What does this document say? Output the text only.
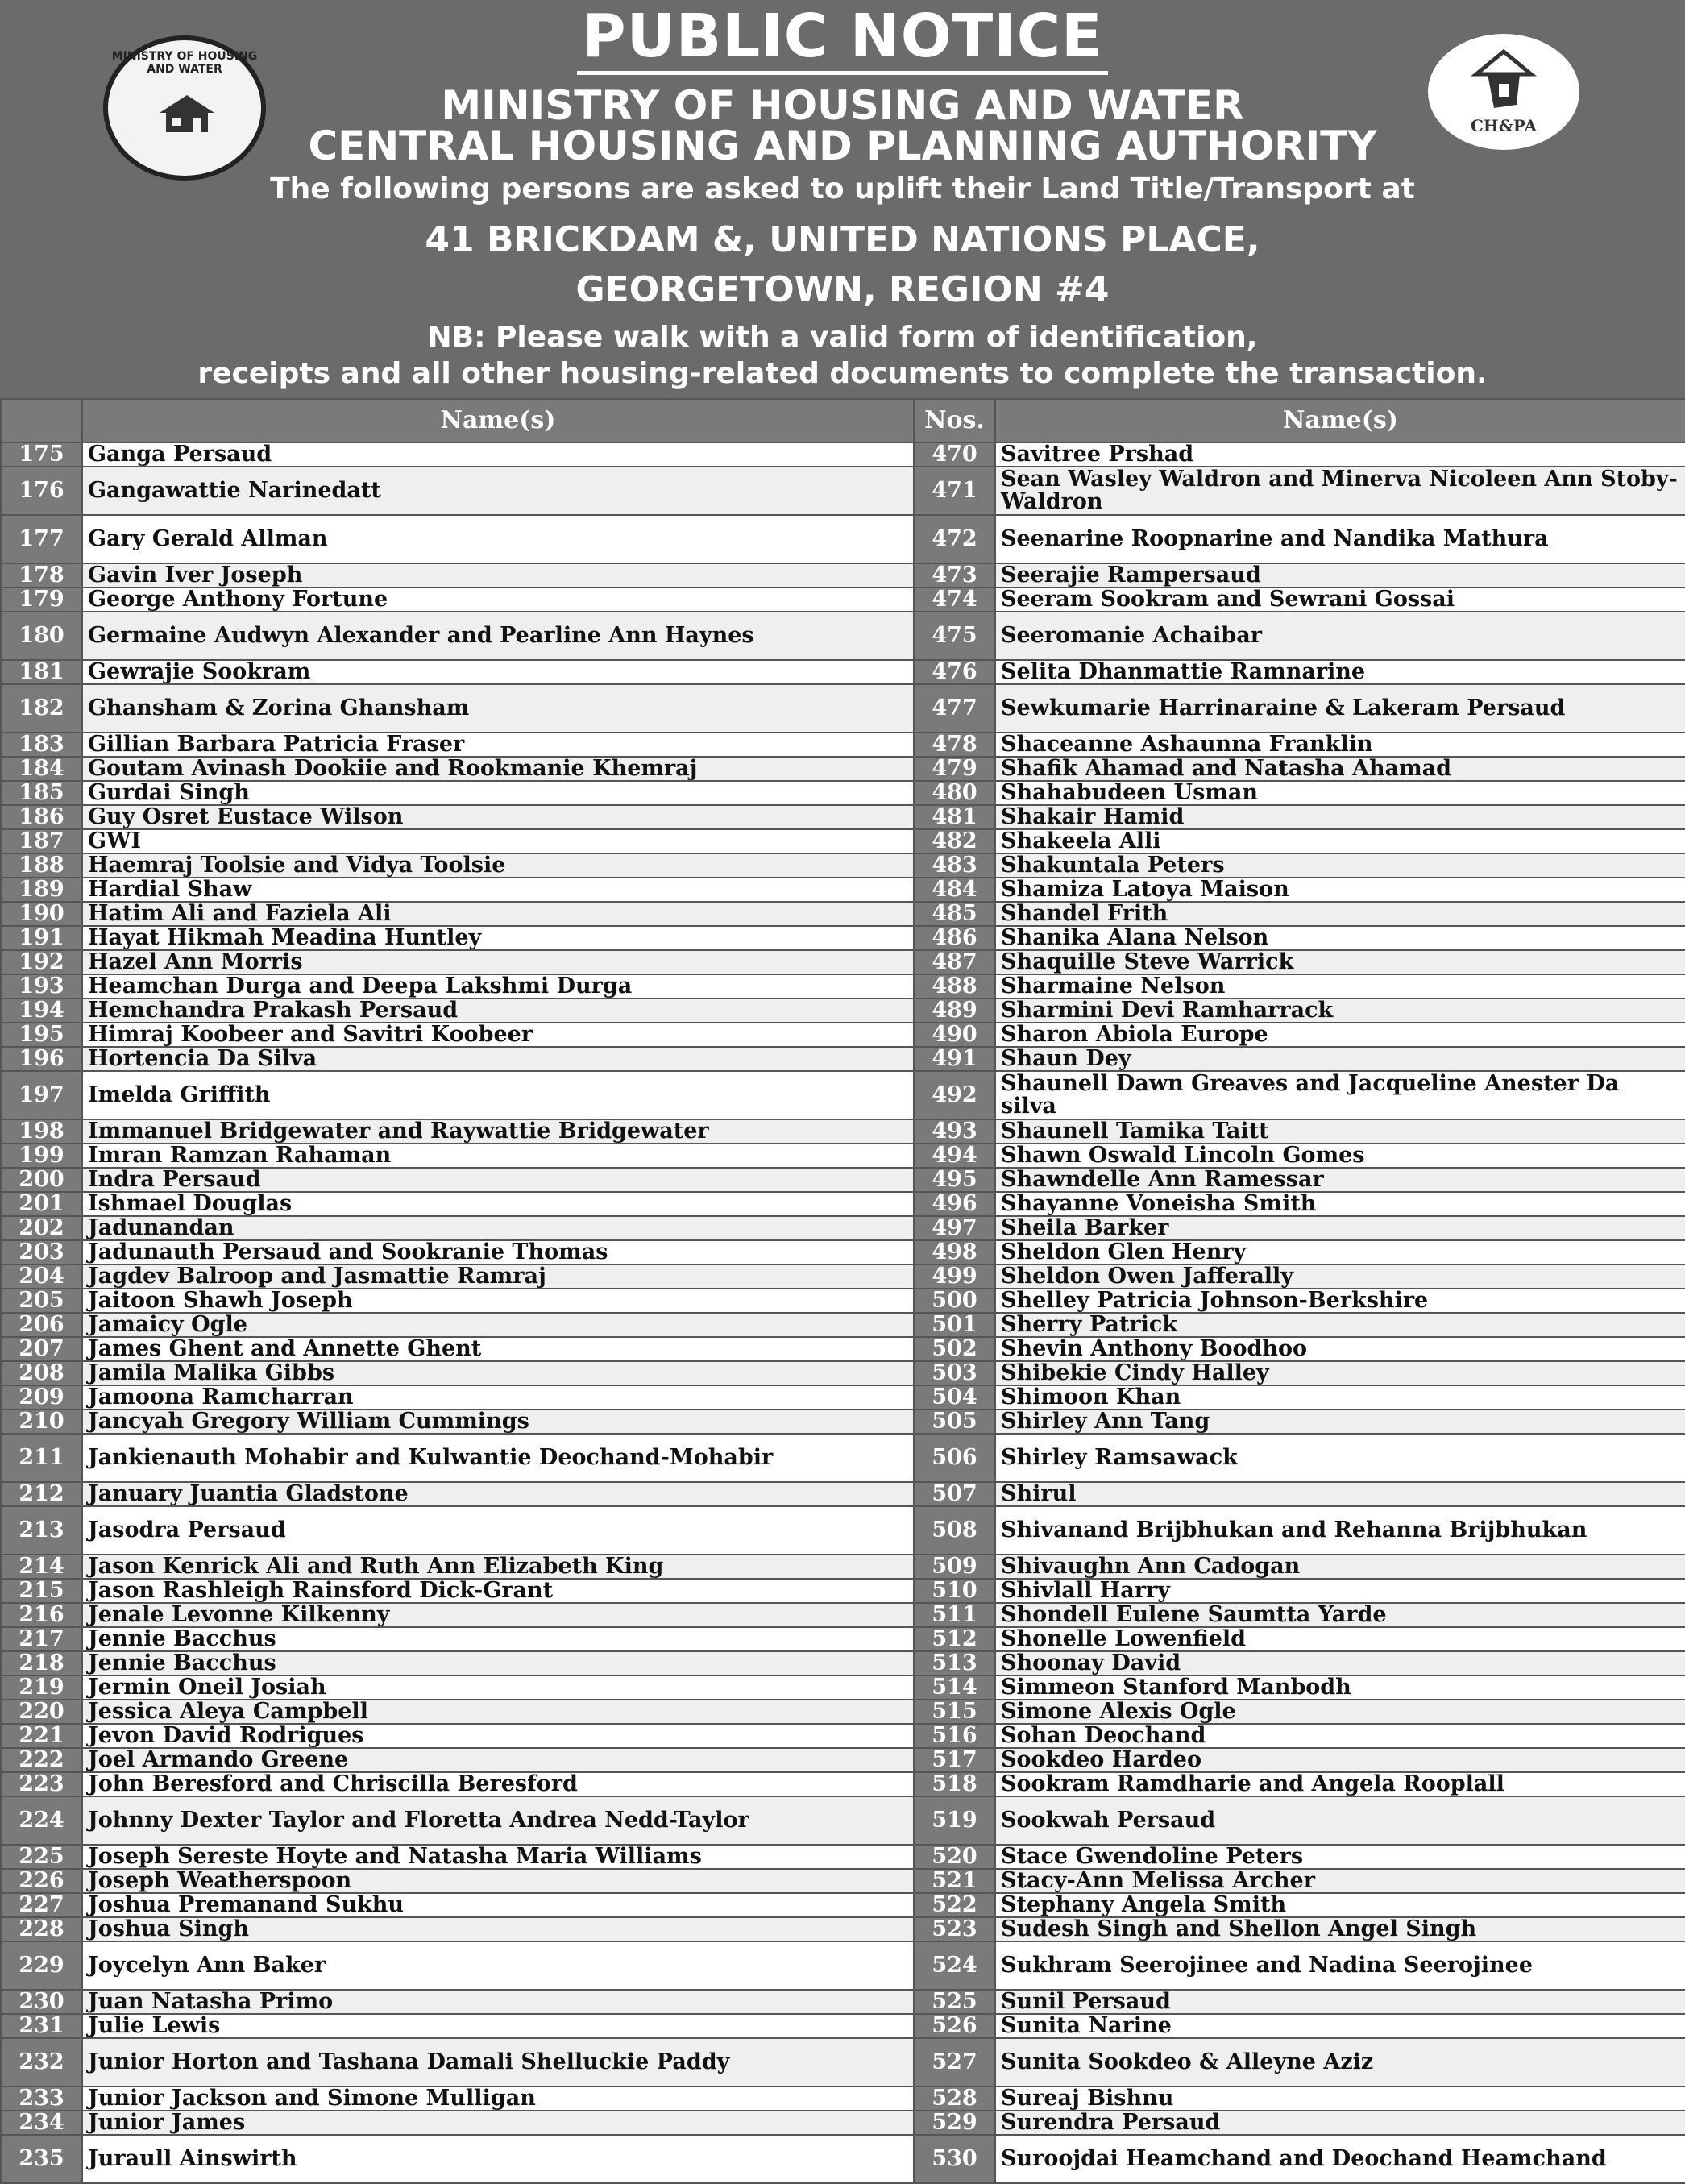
MINISTRY OF HOUSING AND WATER
CH&PA
PUBLIC NOTICE
MINISTRY OF HOUSING AND WATER
CENTRAL HOUSING AND PLANNING AUTHORITY
The following persons are asked to uplift their Land Title/Transport at
41 BRICKDAM &, UNITED NATIONS PLACE,
GEORGETOWN, REGION #4
NB: Please walk with a valid form of identification,
receipts and all other housing-related documents to complete the transaction.
	Name(s)	Nos.	Name(s)
175	Ganga Persaud	470	Savitree Prshad
176	Gangawattie Narinedatt	471	Sean Wasley Waldron and Minerva Nicoleen Ann Stoby-Waldron
177	Gary Gerald Allman	472	Seenarine Roopnarine and Nandika Mathura
178	Gavin Iver Joseph	473	Seerajie Rampersaud
179	George Anthony Fortune	474	Seeram Sookram and Sewrani Gossai
180	Germaine Audwyn Alexander and Pearline Ann Haynes	475	Seeromanie Achaibar
181	Gewrajie Sookram	476	Selita Dhanmattie Ramnarine
182	Ghansham & Zorina Ghansham	477	Sewkumarie Harrinaraine & Lakeram Persaud
183	Gillian Barbara Patricia Fraser	478	Shaceanne Ashaunna Franklin
184	Goutam Avinash Dookiie and Rookmanie Khemraj	479	Shafik Ahamad and Natasha Ahamad
185	Gurdai Singh	480	Shahabudeen Usman
186	Guy Osret Eustace Wilson	481	Shakair Hamid
187	GWI	482	Shakeela Alli
188	Haemraj Toolsie and Vidya Toolsie	483	Shakuntala Peters
189	Hardial Shaw	484	Shamiza Latoya Maison
190	Hatim Ali and Faziela Ali	485	Shandel Frith
191	Hayat Hikmah Meadina Huntley	486	Shanika Alana Nelson
192	Hazel Ann Morris	487	Shaquille Steve Warrick
193	Heamchan Durga and Deepa Lakshmi Durga	488	Sharmaine Nelson
194	Hemchandra Prakash Persaud	489	Sharmini Devi Ramharrack
195	Himraj Koobeer and Savitri Koobeer	490	Sharon Abiola Europe
196	Hortencia Da Silva	491	Shaun Dey
197	Imelda Griffith	492	Shaunell Dawn Greaves and Jacqueline Anester Da silva
198	Immanuel Bridgewater and Raywattie Bridgewater	493	Shaunell Tamika Taitt
199	Imran Ramzan Rahaman	494	Shawn Oswald Lincoln Gomes
200	Indra Persaud	495	Shawndelle Ann Ramessar
201	Ishmael Douglas	496	Shayanne Voneisha Smith
202	Jadunandan	497	Sheila Barker
203	Jadunauth Persaud and Sookranie Thomas	498	Sheldon Glen Henry
204	Jagdev Balroop and Jasmattie Ramraj	499	Sheldon Owen Jafferally
205	Jaitoon Shawh Joseph	500	Shelley Patricia Johnson-Berkshire
206	Jamaicy Ogle	501	Sherry Patrick
207	James Ghent and Annette Ghent	502	Shevin Anthony Boodhoo
208	Jamila Malika Gibbs	503	Shibekie Cindy Halley
209	Jamoona Ramcharran	504	Shimoon Khan
210	Jancyah Gregory William Cummings	505	Shirley Ann Tang
211	Jankienauth Mohabir and Kulwantie Deochand-Mohabir	506	Shirley Ramsawack
212	January Juantia Gladstone	507	Shirul
213	Jasodra Persaud	508	Shivanand Brijbhukan and Rehanna Brijbhukan
214	Jason Kenrick Ali and Ruth Ann Elizabeth King	509	Shivaughn Ann Cadogan
215	Jason Rashleigh Rainsford Dick-Grant	510	Shivlall Harry
216	Jenale Levonne Kilkenny	511	Shondell Eulene Saumtta Yarde
217	Jennie Bacchus	512	Shonelle Lowenfield
218	Jennie Bacchus	513	Shoonay David
219	Jermin Oneil Josiah	514	Simmeon Stanford Manbodh
220	Jessica Aleya Campbell	515	Simone Alexis Ogle
221	Jevon David Rodrigues	516	Sohan Deochand
222	Joel Armando Greene	517	Sookdeo Hardeo
223	John Beresford and Chriscilla Beresford	518	Sookram Ramdharie and Angela Rooplall
224	Johnny Dexter Taylor and Floretta Andrea Nedd-Taylor	519	Sookwah Persaud
225	Joseph Sereste Hoyte and Natasha Maria Williams	520	Stace Gwendoline Peters
226	Joseph Weatherspoon	521	Stacy-Ann Melissa Archer
227	Joshua Premanand Sukhu	522	Stephany Angela Smith
228	Joshua Singh	523	Sudesh Singh and Shellon Angel Singh
229	Joycelyn Ann Baker	524	Sukhram Seerojinee and Nadina Seerojinee
230	Juan Natasha Primo	525	Sunil Persaud
231	Julie Lewis	526	Sunita Narine
232	Junior Horton and Tashana Damali Shelluckie Paddy	527	Sunita Sookdeo & Alleyne Aziz
233	Junior Jackson and Simone Mulligan	528	Sureaj Bishnu
234	Junior James	529	Surendra Persaud
235	Juraull Ainswirth	530	Suroojdai Heamchand and Deochand Heamchand
